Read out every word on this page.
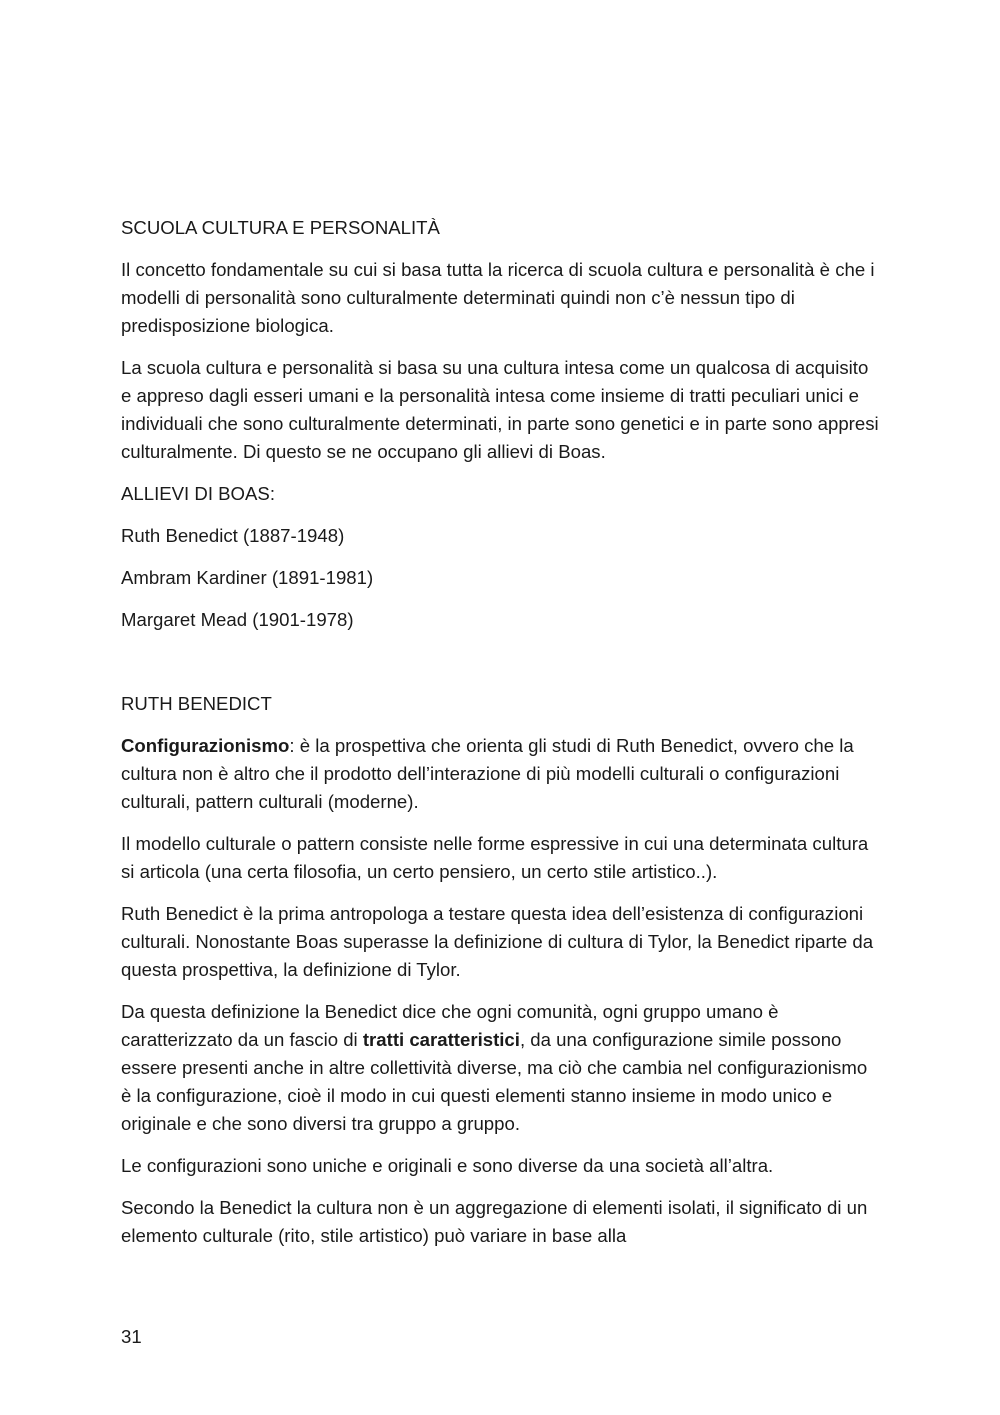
SCUOLA CULTURA E PERSONALITÀ

Il concetto fondamentale su cui si basa tutta la ricerca di scuola cultura e personalità è che i modelli di personalità sono culturalmente determinati quindi non c’è nessun tipo di predisposizione biologica.

La scuola cultura e personalità si basa su una cultura intesa come un qualcosa di acquisito e appreso dagli esseri umani e la personalità intesa come insieme di tratti peculiari unici e individuali che sono culturalmente determinati, in parte sono genetici e in parte sono appresi culturalmente. Di questo se ne occupano gli allievi di Boas.

ALLIEVI DI BOAS:

Ruth Benedict (1887-1948)
Ambram Kardiner (1891-1981)
Margaret Mead (1901-1978)
RUTH BENEDICT

Configurazionismo: è la prospettiva che orienta gli studi di Ruth Benedict, ovvero che la cultura non è altro che il prodotto dell’interazione di più modelli culturali o configurazioni culturali, pattern culturali (moderne).

Il modello culturale o pattern consiste nelle forme espressive in cui una determinata cultura si articola (una certa filosofia, un certo pensiero, un certo stile artistico..).

Ruth Benedict è la prima antropologa a testare questa idea dell’esistenza di configurazioni culturali. Nonostante Boas superasse la definizione di cultura di Tylor, la Benedict riparte da questa prospettiva, la definizione di Tylor.

Da questa definizione la Benedict dice che ogni comunità, ogni gruppo umano è caratterizzato da un fascio di tratti caratteristici, da una configurazione simile possono essere presenti anche in altre collettività diverse, ma ciò che cambia nel configurazionismo è la configurazione, cioè il modo in cui questi elementi stanno insieme in modo unico e originale e che sono diversi tra gruppo a gruppo.

Le configurazioni sono uniche e originali e sono diverse da una società all’altra.

Secondo la Benedict la cultura non è un aggregazione di elementi isolati, il significato di un elemento culturale (rito, stile artistico) può variare in base alla

31
